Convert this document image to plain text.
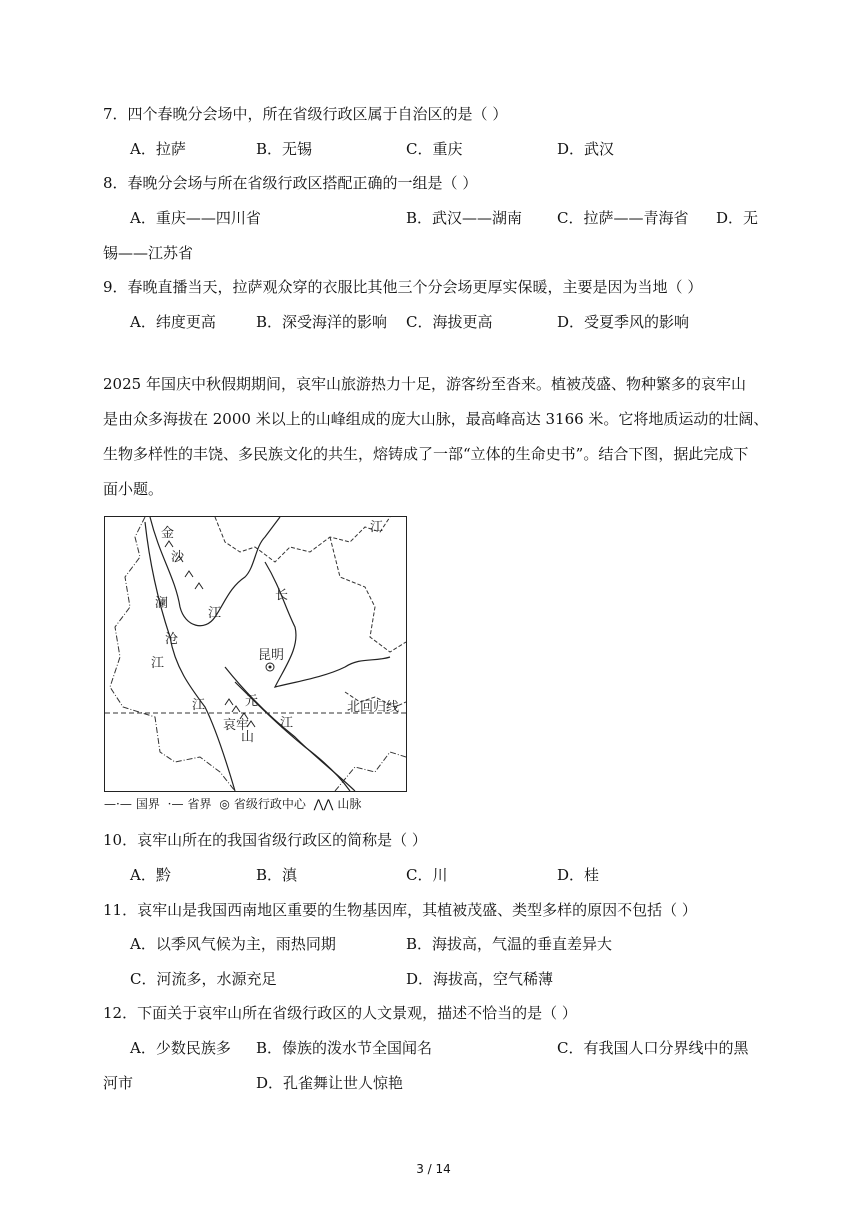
7．四个春晚分会场中，所在省级行政区属于自治区的是（ ）
A．拉萨	B．无锡	C．重庆	D．武汉
8．春晚分会场与所在省级行政区搭配正确的一组是（ ）
A．重庆——四川省	B．武汉——湖南 C．拉萨——青海省 D．无
锡——江苏省
9．春晚直播当天，拉萨观众穿的衣服比其他三个分会场更厚实保暖，主要是因为当地（ ）
A．纬度更高	B．深受海洋的影响 C．海拔更高	D．受夏季风的影响
2025 年国庆中秋假期期间，哀牢山旅游热力十足，游客纷至沓来。植被茂盛、物种繁多的哀牢山
是由众多海拔在 2000 米以上的山峰组成的庞大山脉，最高峰高达 3166 米。它将地质运动的壮阔、
生物多样性的丰饶、多民族文化的共生，熔铸成了一部“立体的生命史书”。结合下图，据此完成下
面小题。
金
沙
江
澜
沧
江
江
长
昆明
江	元
江
哀牢
山
北回归线
—·— 国界 ·— 省界 ◎ 省级行政中心 ⋀⋀ 山脉
10．哀牢山所在的我国省级行政区的简称是（ ）
A．黔	B．滇	C．川	D．桂
11．哀牢山是我国西南地区重要的生物基因库，其植被茂盛、类型多样的原因不包括（ ）
A．以季风气候为主，雨热同期	B．海拔高，气温的垂直差异大
C．河流多，水源充足	D．海拔高，空气稀薄
12．下面关于哀牢山所在省级行政区的人文景观，描述不恰当的是（ ）
A．少数民族多 B．傣族的泼水节全国闻名	C．有我国人口分界线中的黑
河市	D．孔雀舞让世人惊艳
3 / 14
